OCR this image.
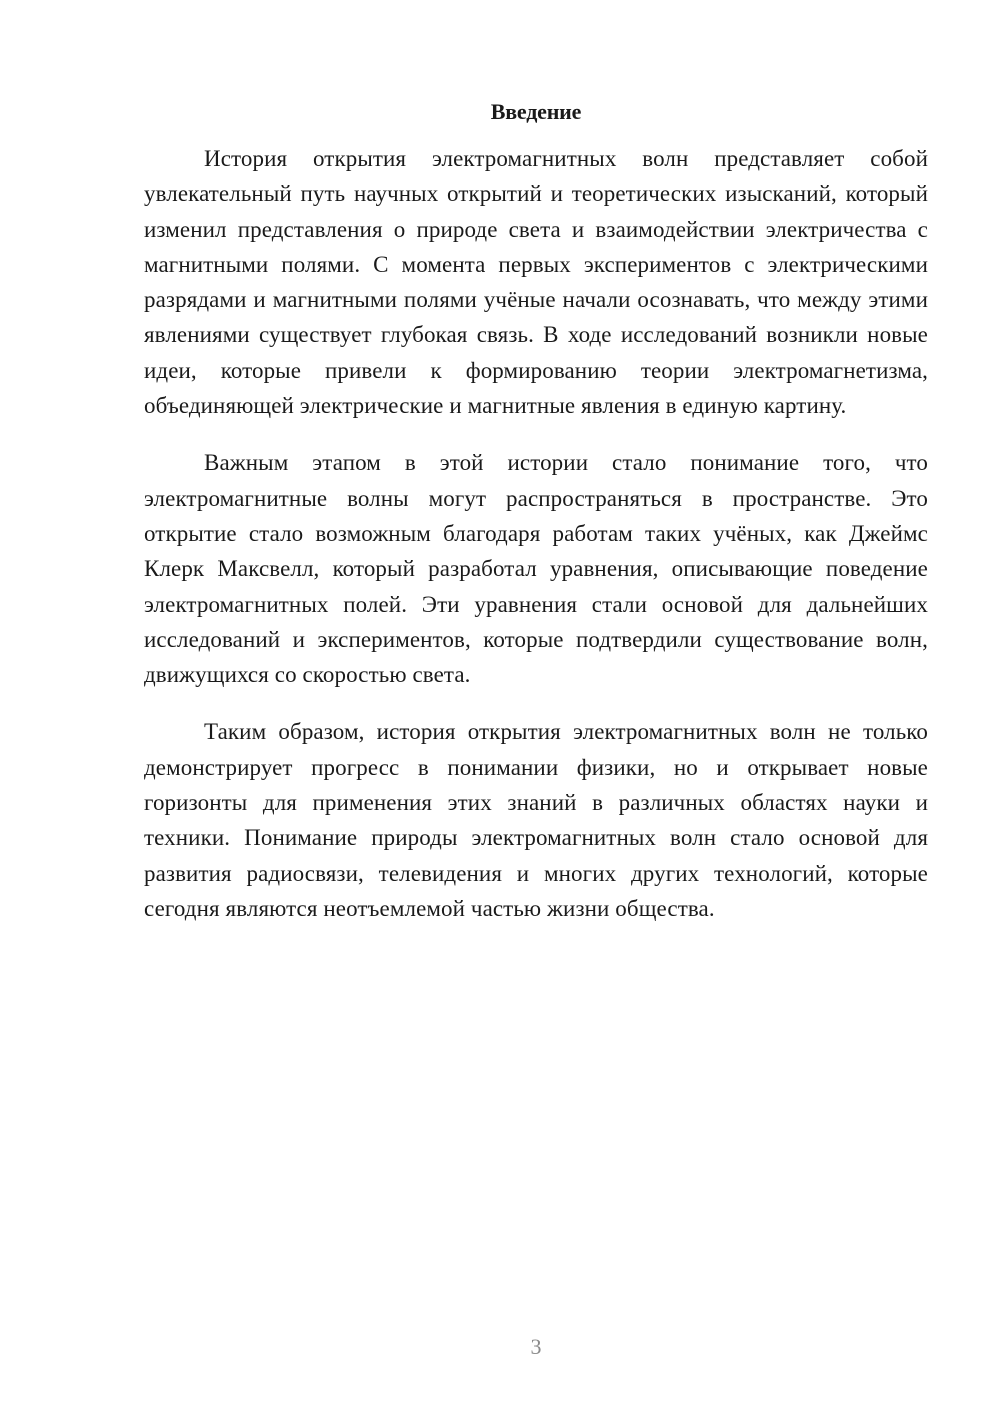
Введение

История открытия электромагнитных волн представляет собой увлекательный путь научных открытий и теоретических изысканий, который изменил представления о природе света и взаимодействии электричества с магнитными полями. С момента первых экспериментов с электрическими разрядами и магнитными полями учёные начали осознавать, что между этими явлениями существует глубокая связь. В ходе исследований возникли новые идеи, которые привели к формированию теории электромагнетизма, объединяющей электрические и магнитные явления в единую картину.

Важным этапом в этой истории стало понимание того, что электромагнитные волны могут распространяться в пространстве. Это открытие стало возможным благодаря работам таких учёных, как Джеймс Клерк Максвелл, который разработал уравнения, описывающие поведение электромагнитных полей. Эти уравнения стали основой для дальнейших исследований и экспериментов, которые подтвердили существование волн, движущихся со скоростью света.

Таким образом, история открытия электромагнитных волн не только демонстрирует прогресс в понимании физики, но и открывает новые горизонты для применения этих знаний в различных областях науки и техники. Понимание природы электромагнитных волн стало основой для развития радиосвязи, телевидения и многих других технологий, которые сегодня являются неотъемлемой частью жизни общества.

3
